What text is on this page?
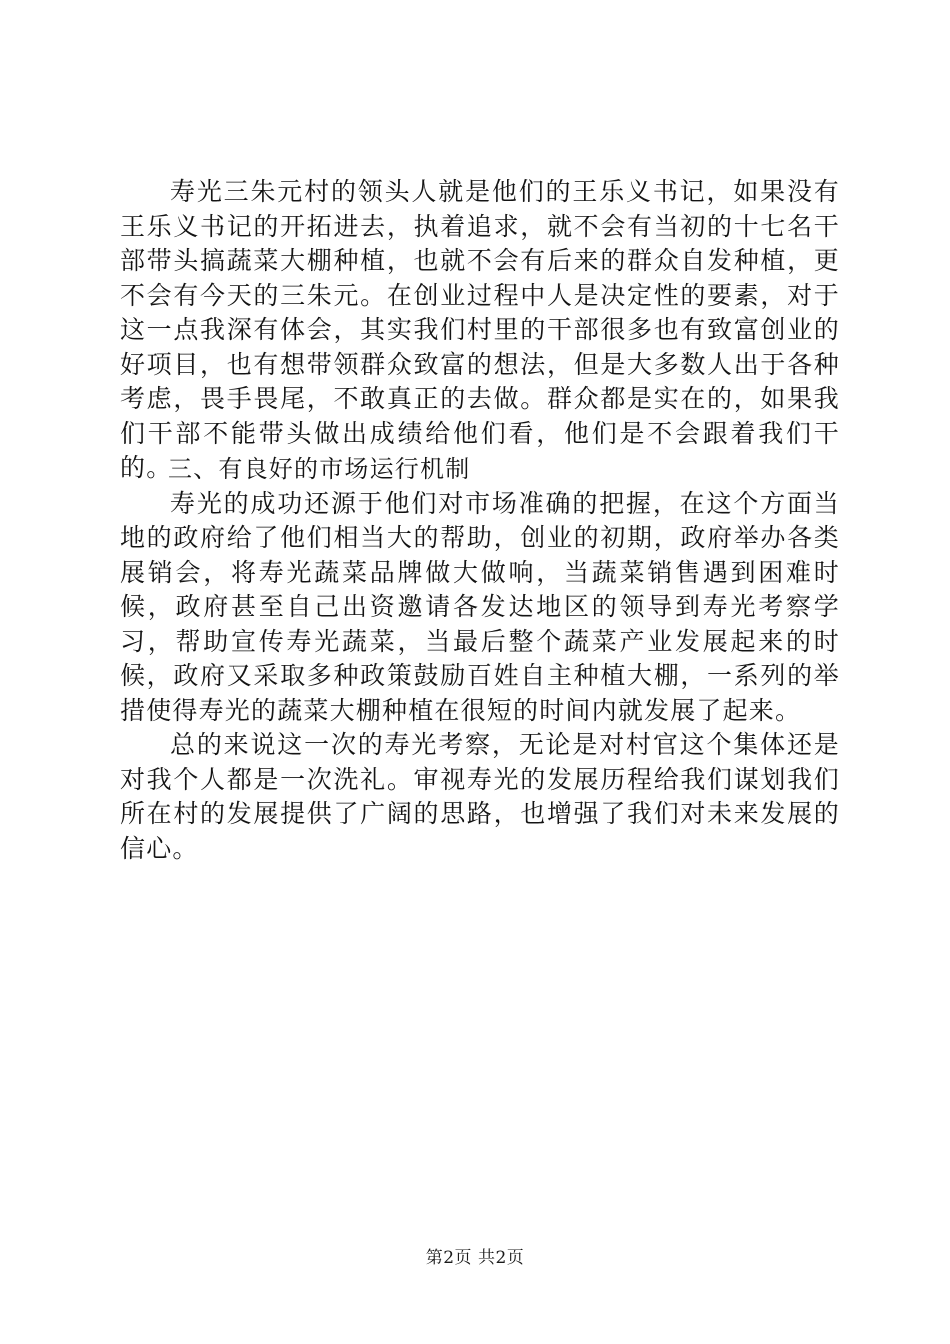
寿光三朱元村的领头人就是他们的王乐义书记，如果没有王乐义书记的开拓进去，执着追求，就不会有当初的十七名干部带头搞蔬菜大棚种植，也就不会有后来的群众自发种植，更不会有今天的三朱元。在创业过程中人是决定性的要素，对于这一点我深有体会，其实我们村里的干部很多也有致富创业的好项目，也有想带领群众致富的想法，但是大多数人出于各种考虑，畏手畏尾，不敢真正的去做。群众都是实在的，如果我们干部不能带头做出成绩给他们看，他们是不会跟着我们干的。

三、有良好的市场运行机制

寿光的成功还源于他们对市场准确的把握，在这个方面当地的政府给了他们相当大的帮助，创业的初期，政府举办各类展销会，将寿光蔬菜品牌做大做响，当蔬菜销售遇到困难时候，政府甚至自己出资邀请各发达地区的领导到寿光考察学习，帮助宣传寿光蔬菜，当最后整个蔬菜产业发展起来的时候，政府又采取多种政策鼓励百姓自主种植大棚，一系列的举措使得寿光的蔬菜大棚种植在很短的时间内就发展了起来。

总的来说这一次的寿光考察，无论是对村官这个集体还是对我个人都是一次洗礼。审视寿光的发展历程给我们谋划我们所在村的发展提供了广阔的思路，也增强了我们对未来发展的信心。

第2页 共2页
